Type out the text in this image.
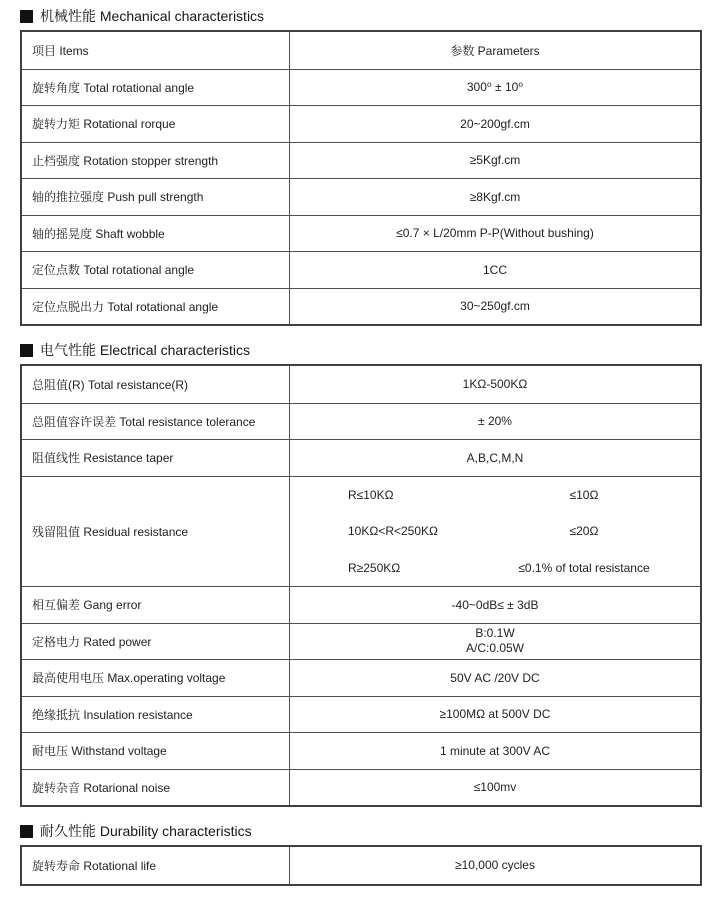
机械性能 Mechanical characteristics
项目 Items	参数 Parameters
旋转角度 Total rotational angle	300⁰ ± 10⁰
旋转力矩 Rotational rorque	20~200gf.cm
止档强度 Rotation stopper strength	≥5Kgf.cm
轴的推拉强度 Push pull strength	≥8Kgf.cm
轴的摇晃度 Shaft wobble	≤0.7 × L/20mm P-P(Without bushing)
定位点数 Total rotational angle	1CC
定位点脱出力 Total rotational angle	30~250gf.cm
电气性能 Electrical characteristics
总阻值(R) Total resistance(R)	1KΩ-500KΩ
总阻值容许误差 Total resistance tolerance	± 20%
阻值线性 Resistance taper	A,B,C,M,N
残留阻值 Residual resistance
R≤10KΩ	≤10Ω
10KΩ<R<250KΩ	≤20Ω
R≥250KΩ	≤0.1% of total resistance
相互偏差 Gang error	-40~0dB≤ ± 3dB
定格电力 Rated power
B:0.1W
A/C:0.05W
最高使用电压 Max.operating voltage	50V AC /20V DC
绝缘抵抗 Insulation resistance	≥100MΩ at 500V DC
耐电压 Withstand voltage	1 minute at 300V AC
旋转杂音 Rotarional noise	≤100mv
耐久性能 Durability characteristics
旋转寿命 Rotational life	≥10,000 cycles
